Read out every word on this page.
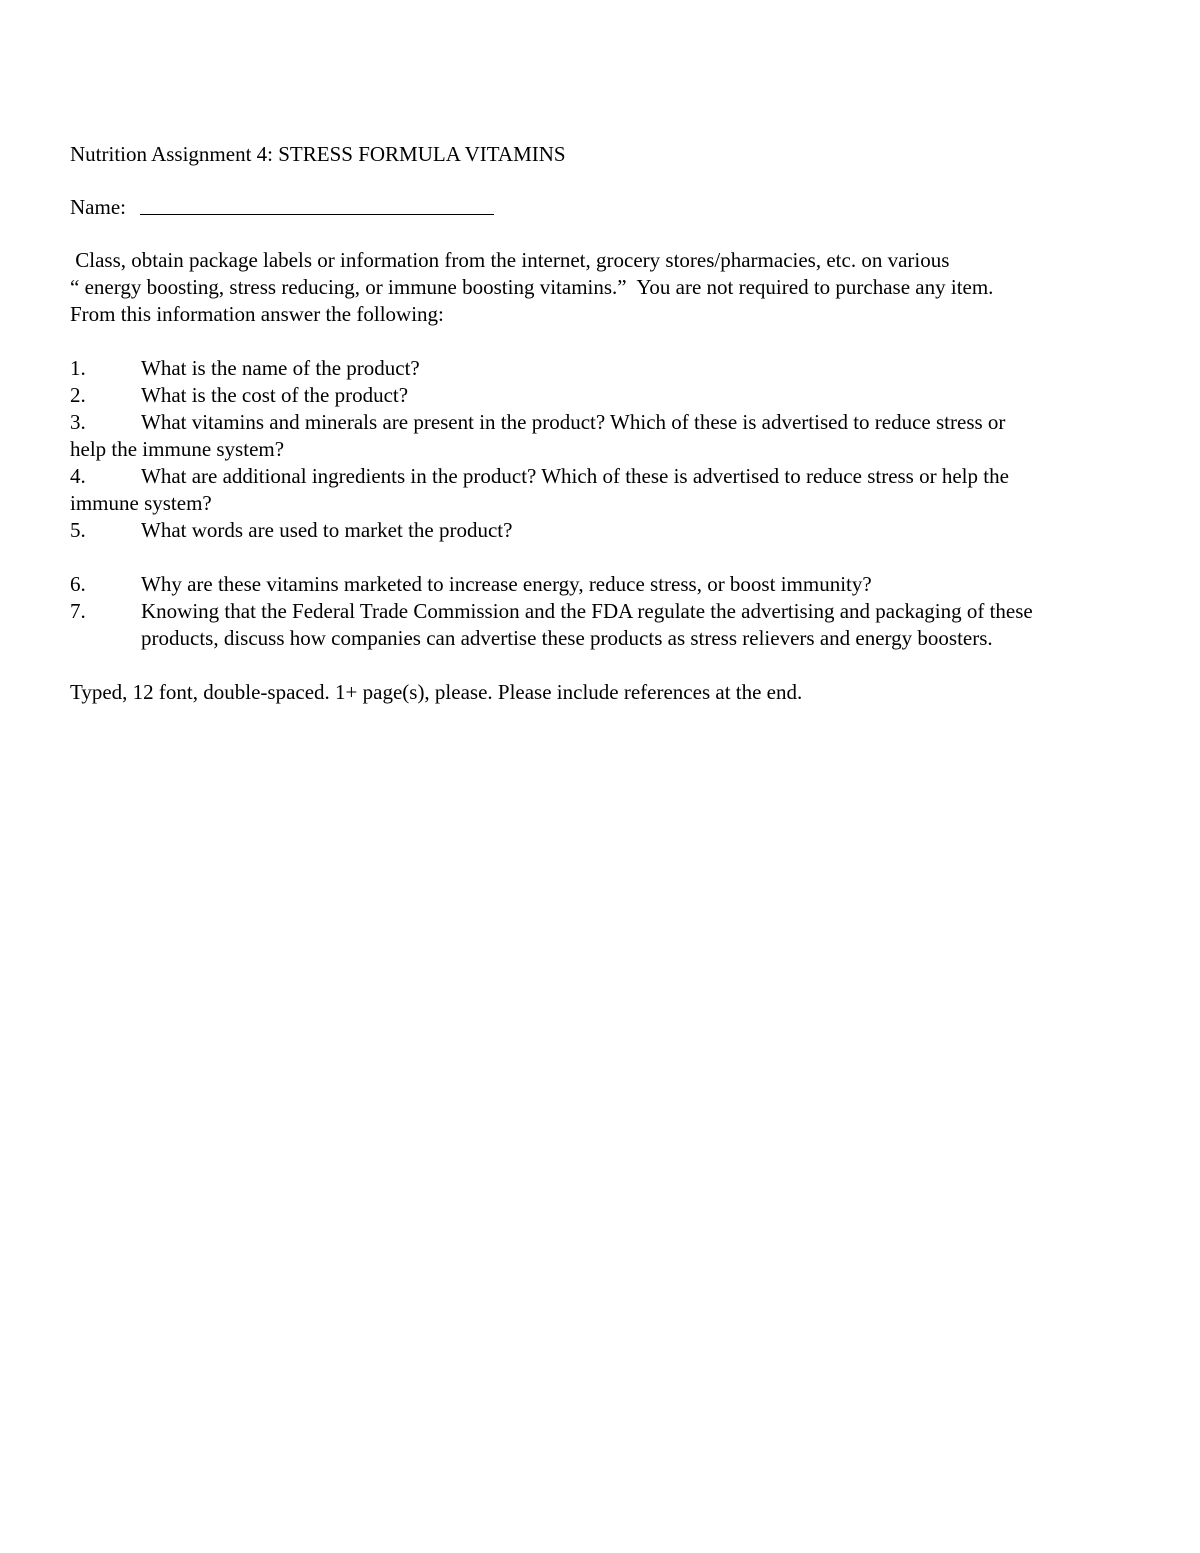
Nutrition Assignment 4: STRESS FORMULA VITAMINS
Name:
Class, obtain package labels or information from the internet, grocery stores/pharmacies, etc. on various
“ energy boosting, stress reducing, or immune boosting vitamins.”  You are not required to purchase any item.
From this information answer the following:
1.	What is the name of the product?
2.	What is the cost of the product?
3.	What vitamins and minerals are present in the product? Which of these is advertised to reduce stress or
help the immune system?
4.	What are additional ingredients in the product? Which of these is advertised to reduce stress or help the
immune system?
5.	What words are used to market the product?
6.	Why are these vitamins marketed to increase energy, reduce stress, or boost immunity?
7.	Knowing that the Federal Trade Commission and the FDA regulate the advertising and packaging of these products, discuss how companies can advertise these products as stress relievers and energy boosters.
Typed, 12 font, double-spaced. 1+ page(s), please. Please include references at the end.
